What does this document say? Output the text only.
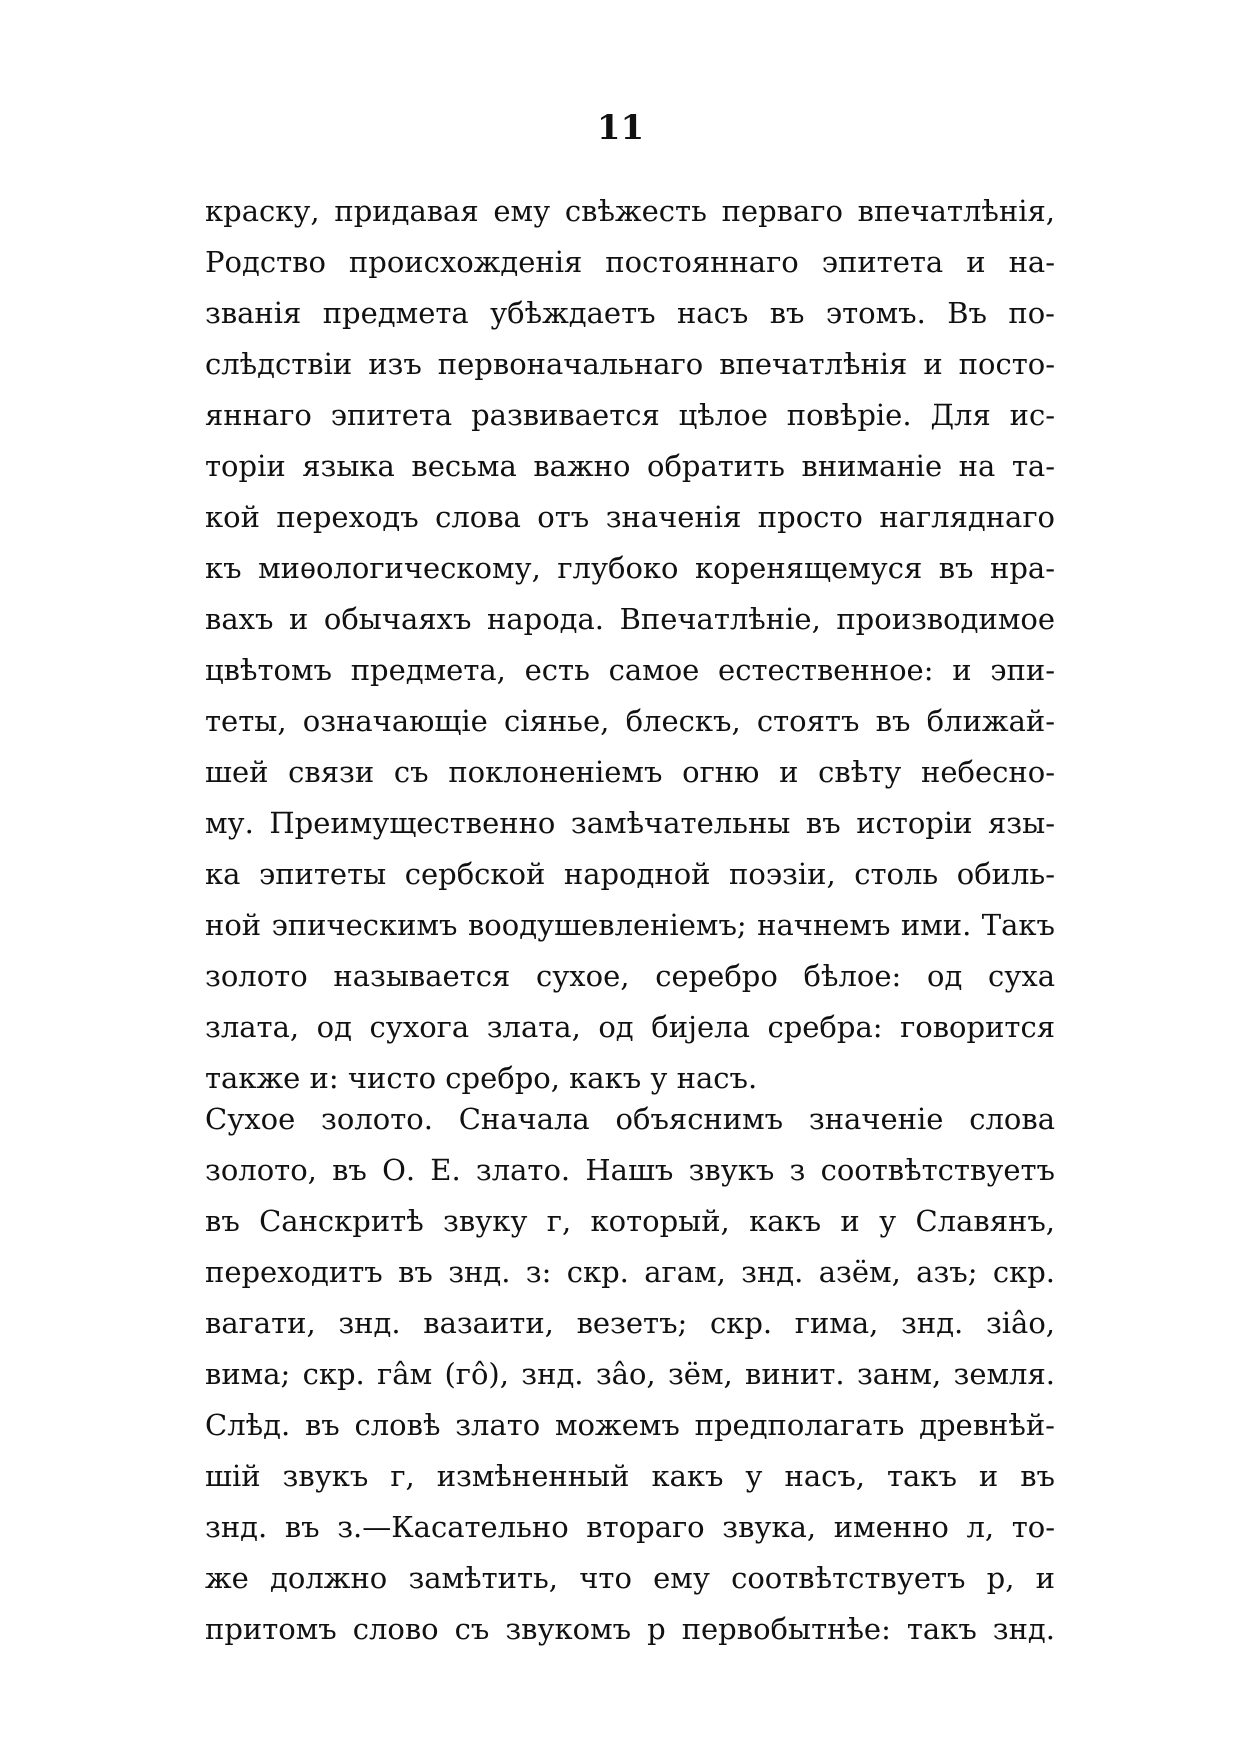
11
краску, придавая ему свѣжесть перваго впечатлѣнія,
Родство происхожденія постояннаго эпитета и на-
званія предмета убѣждаетъ насъ въ этомъ. Въ по-
слѣдствіи изъ первоначальнаго впечатлѣнія и посто-
яннаго эпитета развивается цѣлое повѣріе. Для ис-
торіи языка весьма важно обратить вниманіе на та-
кой переходъ слова отъ значенія просто нагляднаго
къ миѳологическому, глубоко коренящемуся въ нра-
вахъ и обычаяхъ народа. Впечатлѣніе, производимое
цвѣтомъ предмета, есть самое естественное: и эпи-
теты, означающіе сіянье, блескъ, стоятъ въ ближай-
шей связи съ поклоненіемъ огню и свѣту небесно-
му. Преимущественно замѣчательны въ исторіи язы-
ка эпитеты сербской народной поэзіи, столь обиль-
ной эпическимъ воодушевленіемъ; начнемъ ими. Такъ
золото называется сухое, серебро бѣлое: од суха
злата, од сухога злата, од бијела сребра: говорится
также и: чисто сребро, какъ у насъ.
Сухое золото. Сначала объяснимъ значеніе слова
золото, въ О. Е. злато. Нашъ звукъ з соотвѣтствуетъ
въ Санскритѣ звуку г, который, какъ и у Славянъ,
переходитъ въ знд. з: скр. агам, знд. азём, азъ; скр.
вагати, знд. вазаити, везетъ; скр. гима, знд. зіâо,
вима; скр. гâм (гô), знд. зâо, зём, винит. занм, земля.
Слѣд. въ словѣ злато можемъ предполагать древнѣй-
шій звукъ г, измѣненный какъ у насъ, такъ и въ
знд. въ з.—Касательно втораго звука, именно л, то-
же должно замѣтить, что ему соотвѣтствуетъ р, и
притомъ слово съ звукомъ р первобытнѣе: такъ знд.
